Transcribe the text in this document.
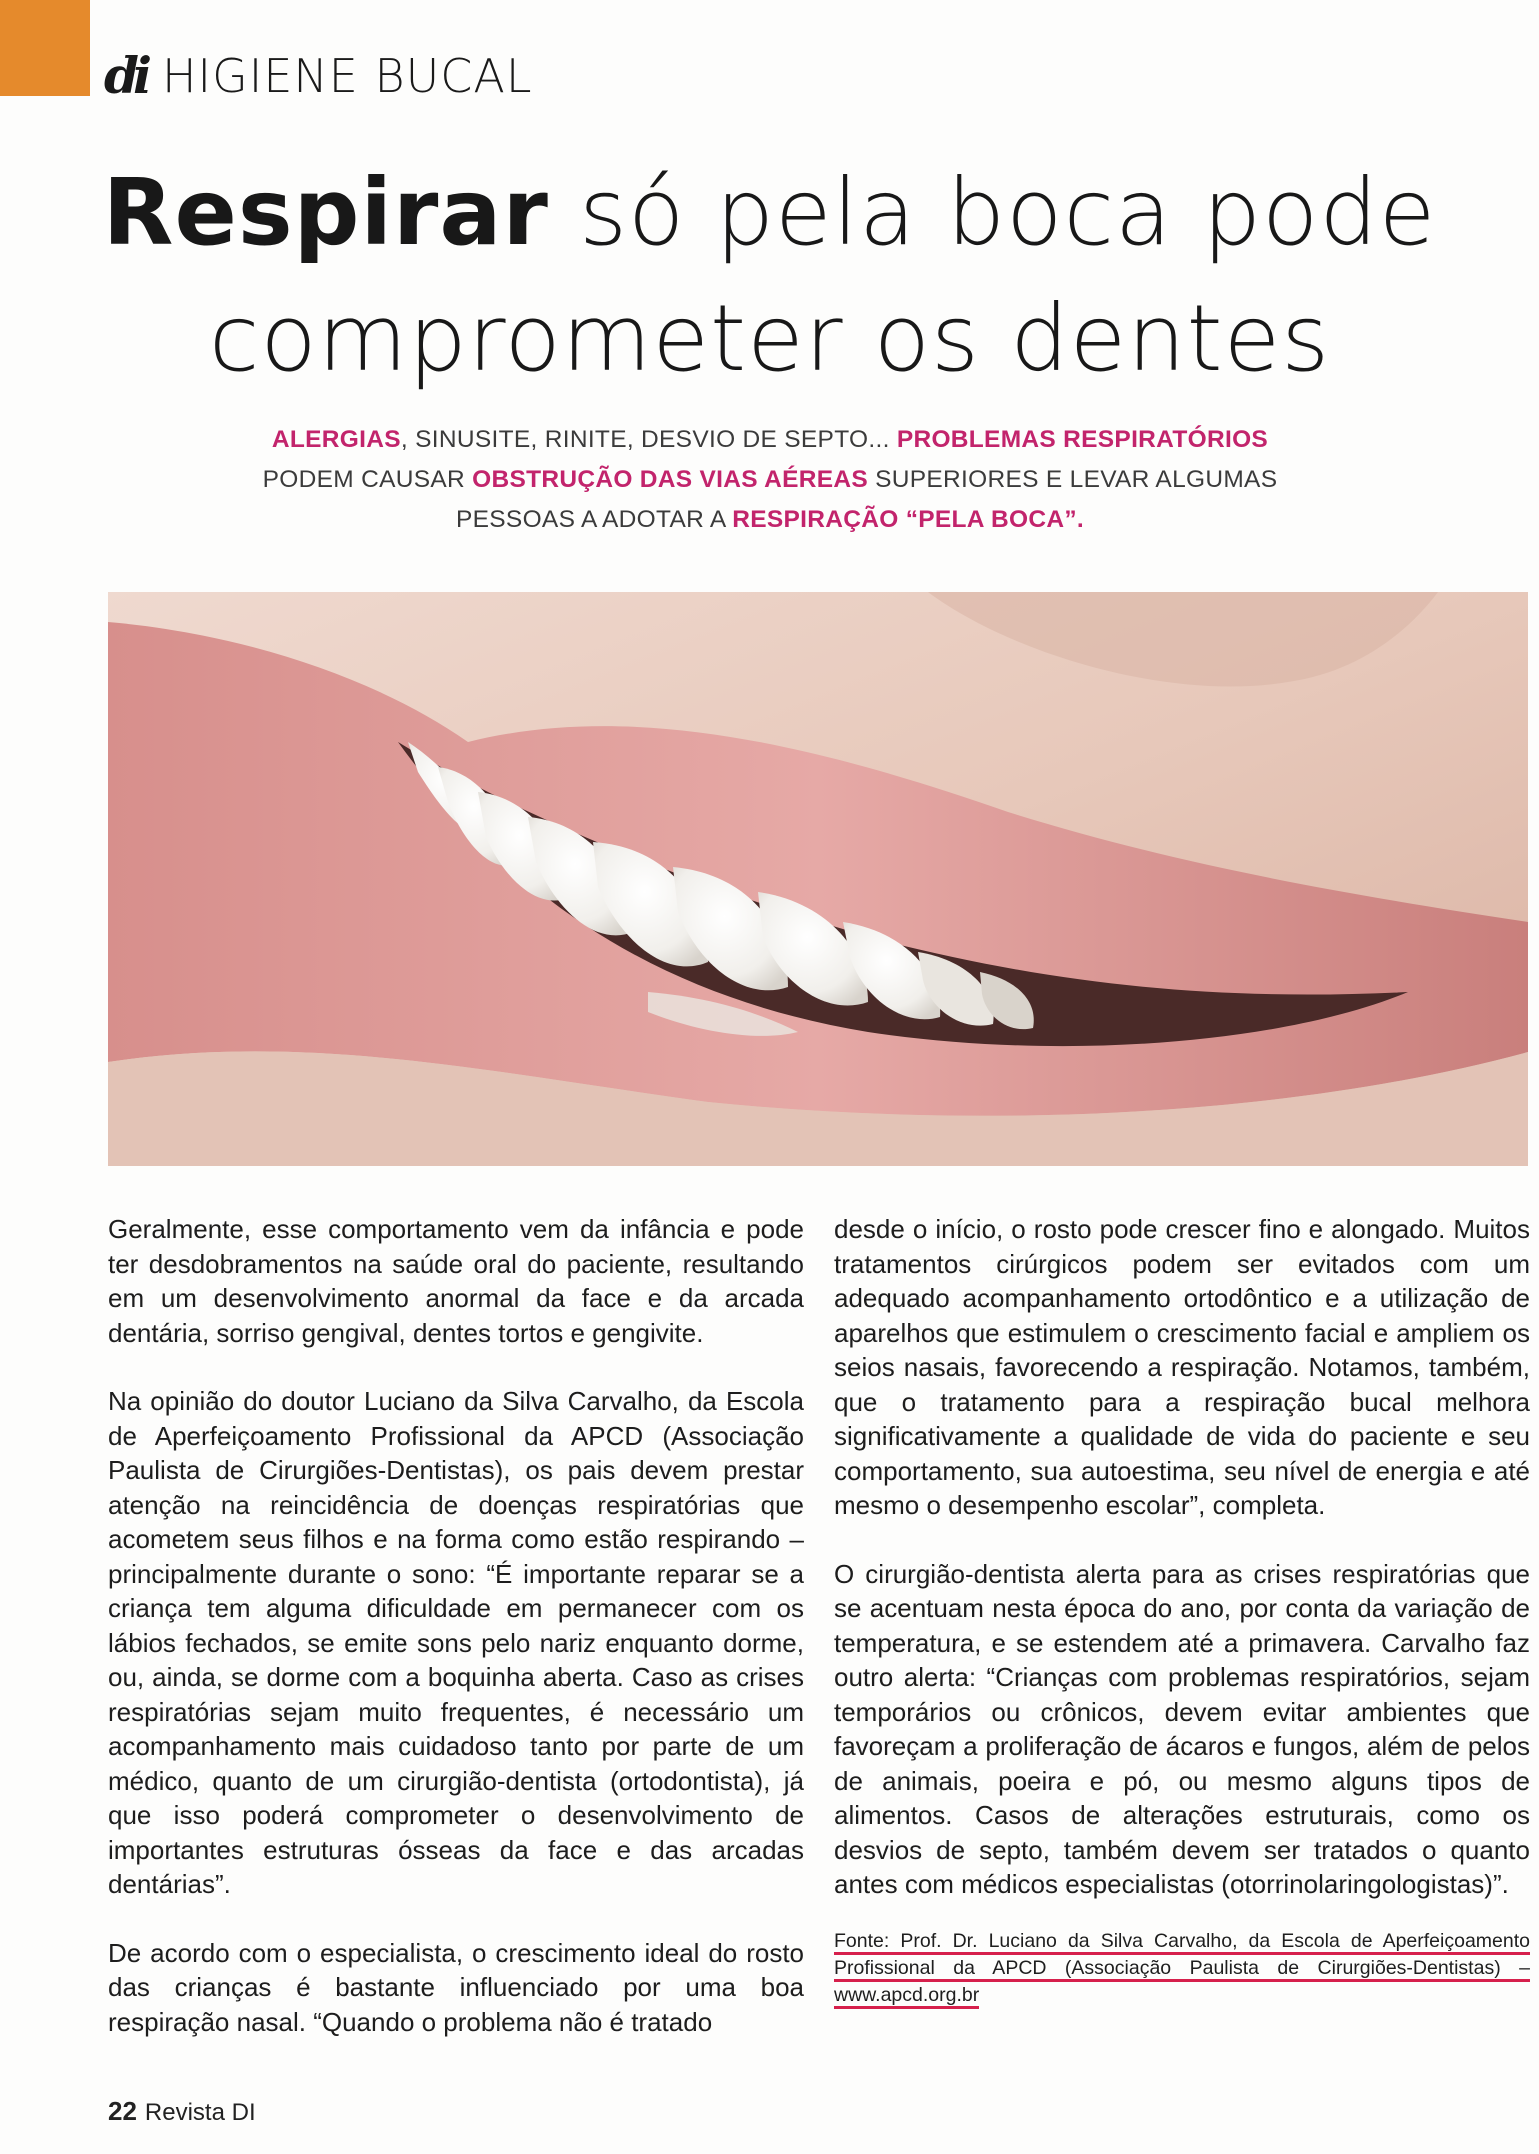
di HIGIENE BUCAL
Respirar só pela boca pode
comprometer os dentes
ALERGIAS, SINUSITE, RINITE, DESVIO DE SEPTO... PROBLEMAS RESPIRATÓRIOS PODEM CAUSAR OBSTRUÇÃO DAS VIAS AÉREAS SUPERIORES E LEVAR ALGUMAS PESSOAS A ADOTAR A RESPIRAÇÃO “PELA BOCA”.

Geralmente, esse comportamento vem da infância e pode ter desdobramentos na saúde oral do paciente, resultando em um desenvolvimento anormal da face e da arcada dentária, sorriso gengival, dentes tortos e gengivite.

Na opinião do doutor Luciano da Silva Carvalho, da Escola de Aperfeiçoamento Profissional da APCD (Associação Paulista de Cirurgiões-Dentistas), os pais devem prestar atenção na reincidência de doenças respiratórias que acometem seus filhos e na forma como estão respirando – principalmente durante o sono: “É importante reparar se a criança tem alguma dificuldade em permanecer com os lábios fechados, se emite sons pelo nariz enquanto dorme, ou, ainda, se dorme com a boquinha aberta. Caso as crises respiratórias sejam muito frequentes, é necessário um acompanhamento mais cuidadoso tanto por parte de um médico, quanto de um cirurgião-dentista (ortodontista), já que isso poderá comprometer o desenvolvimento de importantes estruturas ósseas da face e das arcadas dentárias”.

De acordo com o especialista, o crescimento ideal do rosto das crianças é bastante influenciado por uma boa respiração nasal. “Quando o problema não é tratado

desde o início, o rosto pode crescer fino e alongado. Muitos tratamentos cirúrgicos podem ser evitados com um adequado acompanhamento ortodôntico e a utilização de aparelhos que estimulem o crescimento facial e ampliem os seios nasais, favorecendo a respiração. Notamos, também, que o tratamento para a respiração bucal melhora significativamente a qualidade de vida do paciente e seu comportamento, sua autoestima, seu nível de energia e até mesmo o desempenho escolar”, completa.

O cirurgião-dentista alerta para as crises respiratórias que se acentuam nesta época do ano, por conta da variação de temperatura, e se estendem até a primavera. Carvalho faz outro alerta: “Crianças com problemas respiratórios, sejam temporários ou crônicos, devem evitar ambientes que favoreçam a proliferação de ácaros e fungos, além de pelos de animais, poeira e pó, ou mesmo alguns tipos de alimentos. Casos de alterações estruturais, como os desvios de septo, também devem ser tratados o quanto antes com médicos especialistas (otorrinolaringologistas)”.

Fonte: Prof. Dr. Luciano da Silva Carvalho, da Escola de Aperfeiçoamento Profissional da APCD (Associação Paulista de Cirurgiões-Dentistas) – www.apcd.org.br
22 Revista DI
